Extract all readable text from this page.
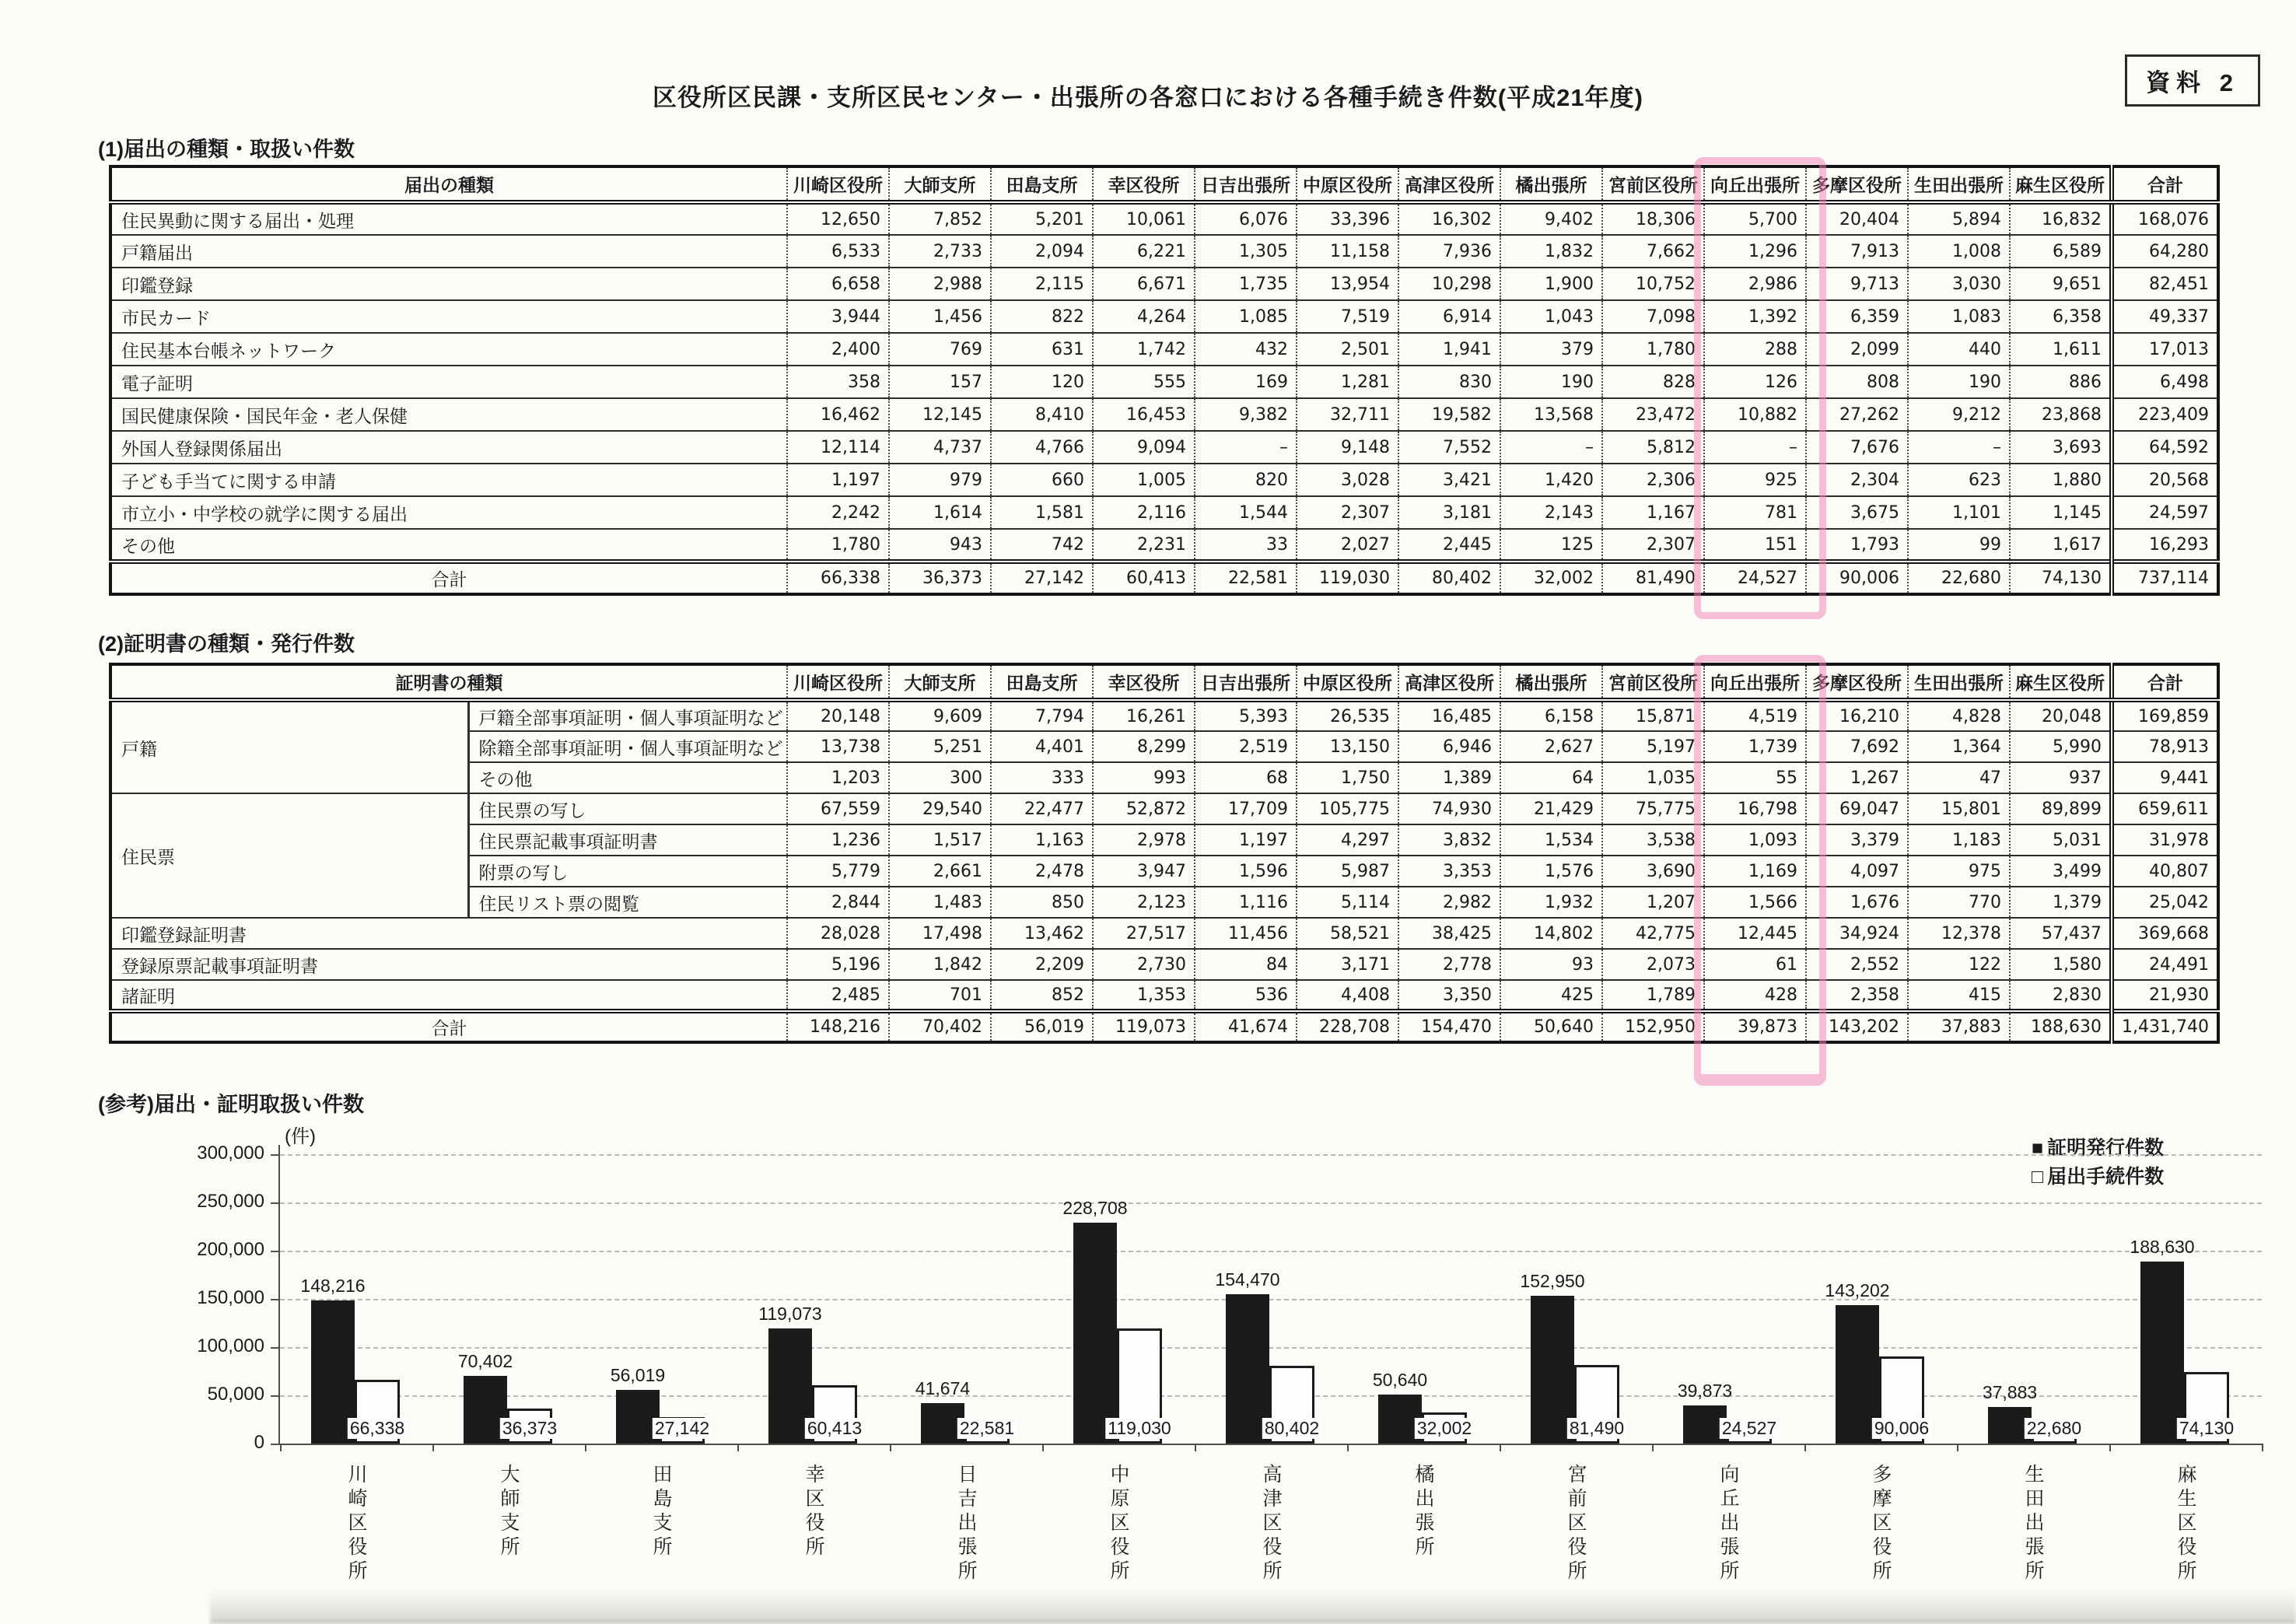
資料 2
区役所区民課・支所区民センター・出張所の各窓口における各種手続き件数(平成21年度)
(1)届出の種類・取扱い件数
届出の種類	川崎区役所	大師支所	田島支所	幸区役所	日吉出張所	中原区役所	高津区役所	橘出張所	宮前区役所	向丘出張所	多摩区役所	生田出張所	麻生区役所	合計
住民異動に関する届出・処理	12,650	7,852	5,201	10,061	6,076	33,396	16,302	9,402	18,306	5,700	20,404	5,894	16,832	168,076
戸籍届出	6,533	2,733	2,094	6,221	1,305	11,158	7,936	1,832	7,662	1,296	7,913	1,008	6,589	64,280
印鑑登録	6,658	2,988	2,115	6,671	1,735	13,954	10,298	1,900	10,752	2,986	9,713	3,030	9,651	82,451
市民カード	3,944	1,456	822	4,264	1,085	7,519	6,914	1,043	7,098	1,392	6,359	1,083	6,358	49,337
住民基本台帳ネットワーク	2,400	769	631	1,742	432	2,501	1,941	379	1,780	288	2,099	440	1,611	17,013
電子証明	358	157	120	555	169	1,281	830	190	828	126	808	190	886	6,498
国民健康保険・国民年金・老人保健	16,462	12,145	8,410	16,453	9,382	32,711	19,582	13,568	23,472	10,882	27,262	9,212	23,868	223,409
外国人登録関係届出	12,114	4,737	4,766	9,094	–	9,148	7,552	–	5,812	–	7,676	–	3,693	64,592
子ども手当てに関する申請	1,197	979	660	1,005	820	3,028	3,421	1,420	2,306	925	2,304	623	1,880	20,568
市立小・中学校の就学に関する届出	2,242	1,614	1,581	2,116	1,544	2,307	3,181	2,143	1,167	781	3,675	1,101	1,145	24,597
その他	1,780	943	742	2,231	33	2,027	2,445	125	2,307	151	1,793	99	1,617	16,293
合計	66,338	36,373	27,142	60,413	22,581	119,030	80,402	32,002	81,490	24,527	90,006	22,680	74,130	737,114
(2)証明書の種類・発行件数
証明書の種類		川崎区役所	大師支所	田島支所	幸区役所	日吉出張所	中原区役所	高津区役所	橘出張所	宮前区役所	向丘出張所	多摩区役所	生田出張所	麻生区役所	合計
戸籍	戸籍全部事項証明・個人事項証明など	20,148	9,609	7,794	16,261	5,393	26,535	16,485	6,158	15,871	4,519	16,210	4,828	20,048	169,859
	除籍全部事項証明・個人事項証明など	13,738	5,251	4,401	8,299	2,519	13,150	6,946	2,627	5,197	1,739	7,692	1,364	5,990	78,913
	その他	1,203	300	333	993	68	1,750	1,389	64	1,035	55	1,267	47	937	9,441
住民票	住民票の写し	67,559	29,540	22,477	52,872	17,709	105,775	74,930	21,429	75,775	16,798	69,047	15,801	89,899	659,611
	住民票記載事項証明書	1,236	1,517	1,163	2,978	1,197	4,297	3,832	1,534	3,538	1,093	3,379	1,183	5,031	31,978
	附票の写し	5,779	2,661	2,478	3,947	1,596	5,987	3,353	1,576	3,690	1,169	4,097	975	3,499	40,807
	住民リスト票の閲覧	2,844	1,483	850	2,123	1,116	5,114	2,982	1,932	1,207	1,566	1,676	770	1,379	25,042
印鑑登録証明書		28,028	17,498	13,462	27,517	11,456	58,521	38,425	14,802	42,775	12,445	34,924	12,378	57,437	369,668
登録原票記載事項証明書		5,196	1,842	2,209	2,730	84	3,171	2,778	93	2,073	61	2,552	122	1,580	24,491
諸証明		2,485	701	852	1,353	536	4,408	3,350	425	1,789	428	2,358	415	2,830	21,930
合計		148,216	70,402	56,019	119,073	41,674	228,708	154,470	50,640	152,950	39,873	143,202	37,883	188,630	1,431,740
(参考)届出・証明取扱い件数
■ 証明発行件数
□ 届出手続件数
300,000
250,000
200,000
150,000
100,000
50,000
0
148,216
66,338
川崎区役所
70,402
36,373
大師支所
56,019
27,142
田島支所
119,073
60,413
幸区役所
41,674
22,581
日吉出張所
228,708
119,030
中原区役所
154,470
80,402
高津区役所
50,640
32,002
橘出張所
152,950
81,490
宮前区役所
39,873
24,527
向丘出張所
143,202
90,006
多摩区役所
37,883
22,680
生田出張所
188,630
74,130
麻生区役所
(件)
